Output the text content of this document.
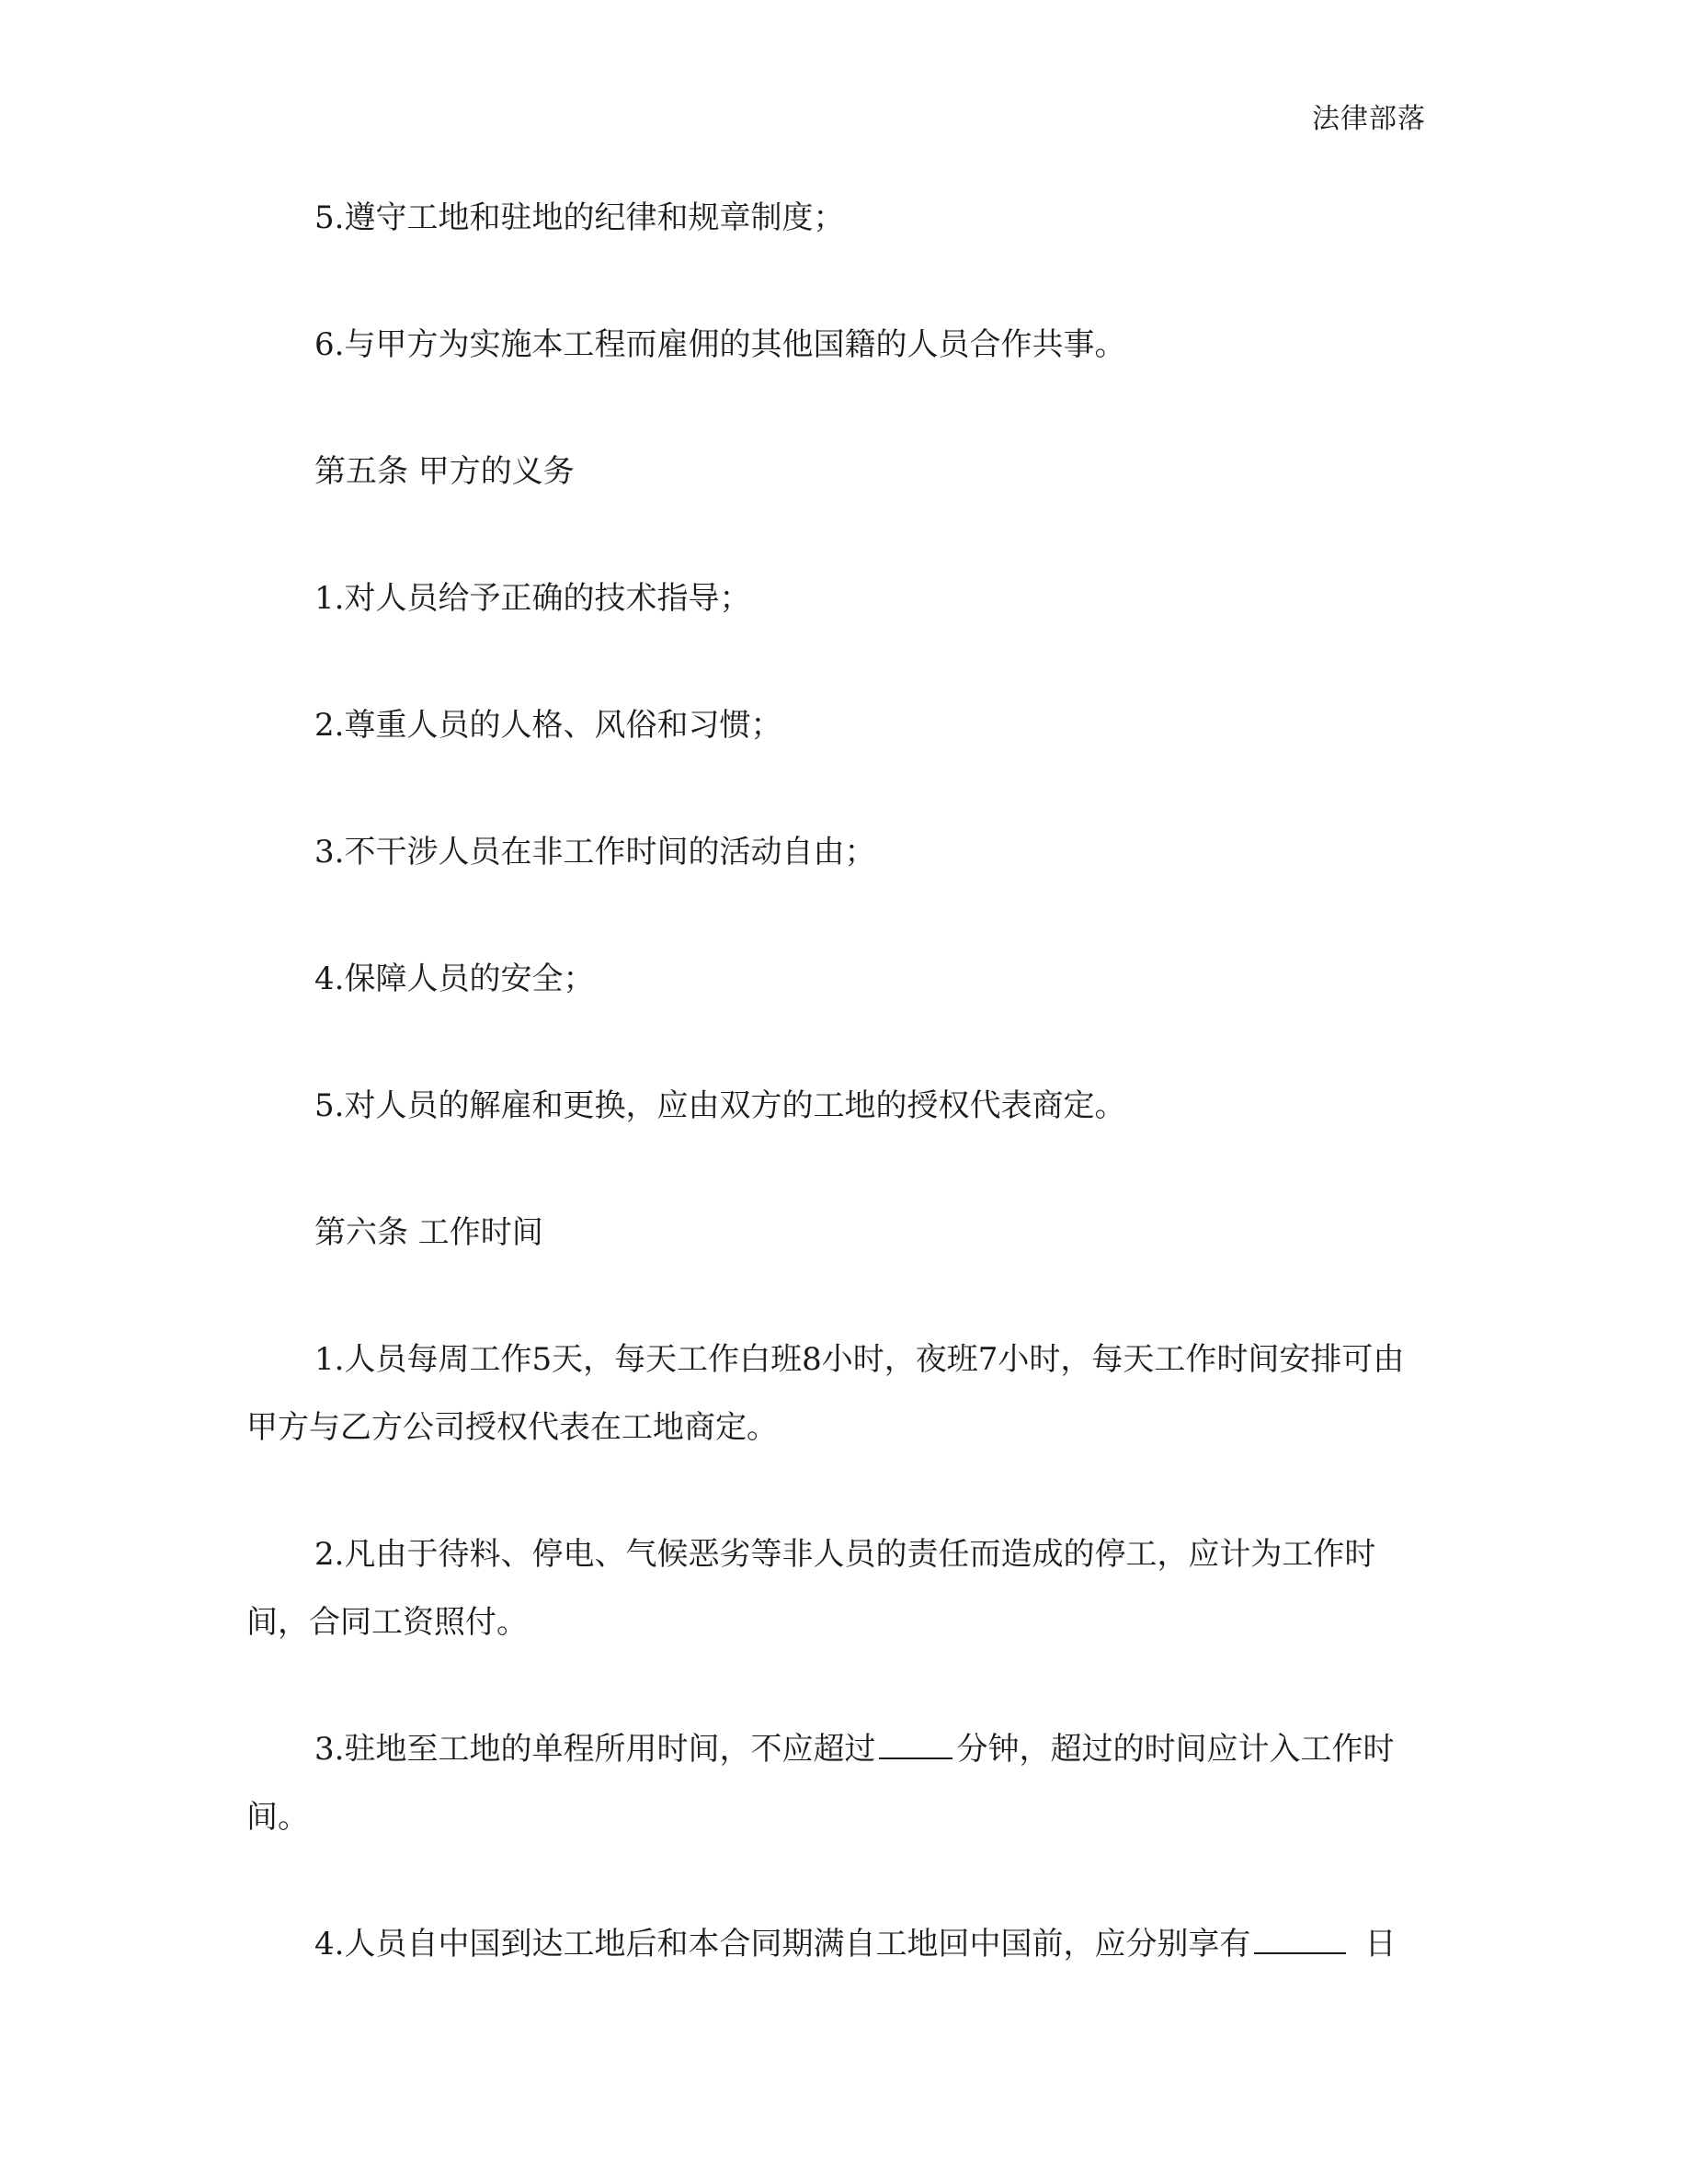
法律部落
5.遵守工地和驻地的纪律和规章制度；
6.与甲方为实施本工程而雇佣的其他国籍的人员合作共事。
第五条 甲方的义务
1.对人员给予正确的技术指导；
2.尊重人员的人格、风俗和习惯；
3.不干涉人员在非工作时间的活动自由；
4.保障人员的安全；
5.对人员的解雇和更换，应由双方的工地的授权代表商定。
第六条 工作时间
1.人员每周工作5天，每天工作白班8小时，夜班7小时，每天工作时间安排可由
甲方与乙方公司授权代表在工地商定。
2.凡由于待料、停电、气候恶劣等非人员的责任而造成的停工，应计为工作时
间，合同工资照付。
3.驻地至工地的单程所用时间，不应超过	分钟，超过的时间应计入工作时
间。
4.人员自中国到达工地后和本合同期满自工地回中国前，应分别享有	日
